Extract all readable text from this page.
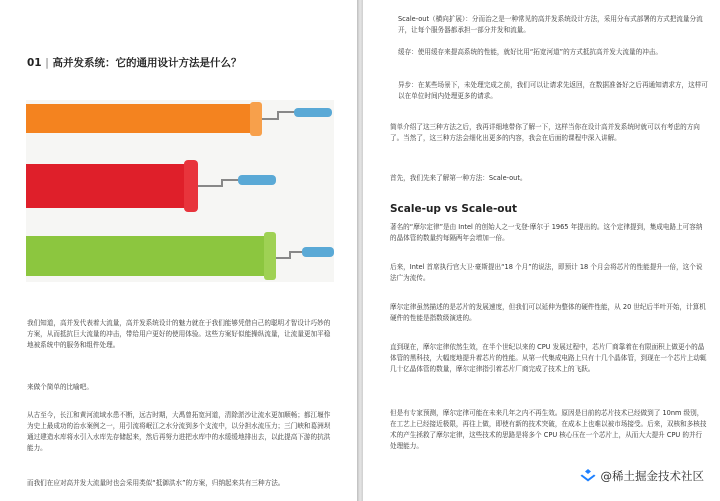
01 | 高并发系统：它的通用设计方法是什么？

我们知道，高并发代表着大流量，高并发系统设计的魅力就在于我们能够凭借自己的聪明才智设计巧妙的方案，从而抵抗巨大流量的冲击，带给用户更好的使用体验。这些方案好似能操纵流量，让流量更加平稳地被系统中的服务和组件处理。

来做个简单的比喻吧。

从古至今，长江和黄河流域水患不断，远古时期，大禹曾拓宽河道，清除淤沙让流水更加顺畅；都江堰作为史上最成功的治水案例之一，用引流将岷江之水分流到多个支流中，以分担水流压力；三门峡和葛洲坝通过建造水库将水引入水库先存储起来，然后再努力进把水库中的水缓缓地排出去，以此提高下游的抗洪能力。

而我们在应对高并发大流量时也会采用类似“抵御洪水”的方案，归纳起来共有三种方法。

Scale-out（横向扩展）：分而治之是一种常见的高并发系统设计方法，采用分布式部署的方式把流量分流开，让每个服务器都承担一部分并发和流量。

缓存：使用缓存来提高系统的性能，就好比用“拓宽河道”的方式抵抗高并发大流量的冲击。

异步：在某些场景下，未处理完成之前，我们可以让请求先返回，在数据准备好之后再通知请求方，这样可以在单位时间内处理更多的请求。

简单介绍了这三种方法之后，我再详细地带你了解一下，这样当你在设计高并发系统时就可以有考虑的方向了。当然了，这三种方法会细化出更多的内容，我会在后面的课程中深入讲解。

首先，我们先来了解第一种方法：Scale-out。

Scale-up vs Scale-out

著名的“摩尔定律”是由 Intel 的创始人之一戈登·摩尔于 1965 年提出的。这个定律提到，集成电路上可容纳的晶体管的数量约每隔两年会增加一倍。

后来，Intel 首席执行官大卫·豪斯提出“18 个月”的说法，即预计 18 个月会将芯片的性能提升一倍，这个说法广为流传。

摩尔定律虽然描述的是芯片的发展速度，但我们可以延伸为整体的硬件性能，从 20 世纪后半叶开始，计算机硬件的性能是指数级演进的。

直到现在，摩尔定律依然生效，在半个世纪以来的 CPU 发展过程中，芯片厂商靠着在有限面积上做更小的晶体管的黑科技，大幅度地提升着芯片的性能。从第一代集成电路上只有十几个晶体管，到现在一个芯片上动辄几十亿晶体管的数量，摩尔定律指引着芯片厂商完成了技术上的飞跃。

但是有专家预测，摩尔定律可能在未来几年之内不再生效。原因是目前的芯片技术已经做到了 10nm 级别，在工艺上已经接近极限，再往上做，即使有新的技术突破，在成本上也难以被市场接受。后来，双核和多核技术的产生拯救了摩尔定律，这些技术的思路是将多个 CPU 核心压在一个芯片上，从而大大提升 CPU 的并行处理能力。

@稀土掘金技术社区
